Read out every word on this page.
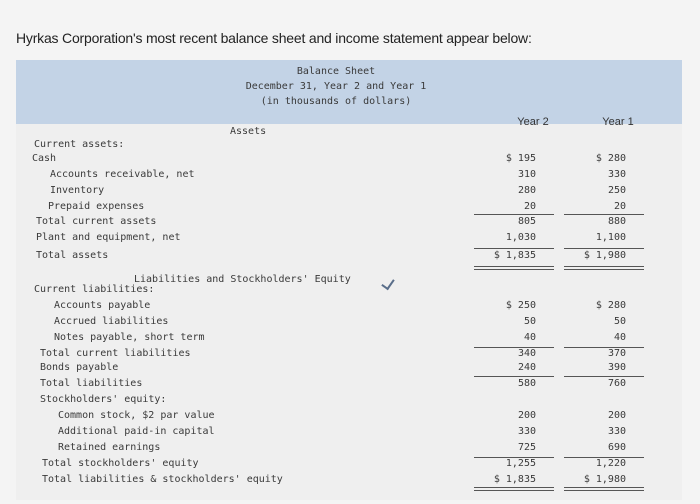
Hyrkas Corporation's most recent balance sheet and income statement appear below:
Balance Sheet
December 31, Year 2 and Year 1
(in thousands of dollars)
Year 2	Year 1
Assets
Liabilities and Stockholders' Equity
Current assets:
Cash	$ 195	$ 280
Accounts receivable, net	310	330
Inventory	280	250
Prepaid expenses	20	20
Total current assets	805	880
Plant and equipment, net	1,030	1,100
Total assets	$ 1,835	$ 1,980
Current liabilities:
Accounts payable	$ 250	$ 280
Accrued liabilities	50	50
Notes payable, short term	40	40
Total current liabilities	340	370
Bonds payable	240	390
Total liabilities	580	760
Stockholders' equity:
Common stock, $2 par value	200	200
Additional paid-in capital	330	330
Retained earnings	725	690
Total stockholders' equity	1,255	1,220
Total liabilities & stockholders' equity	$ 1,835	$ 1,980
